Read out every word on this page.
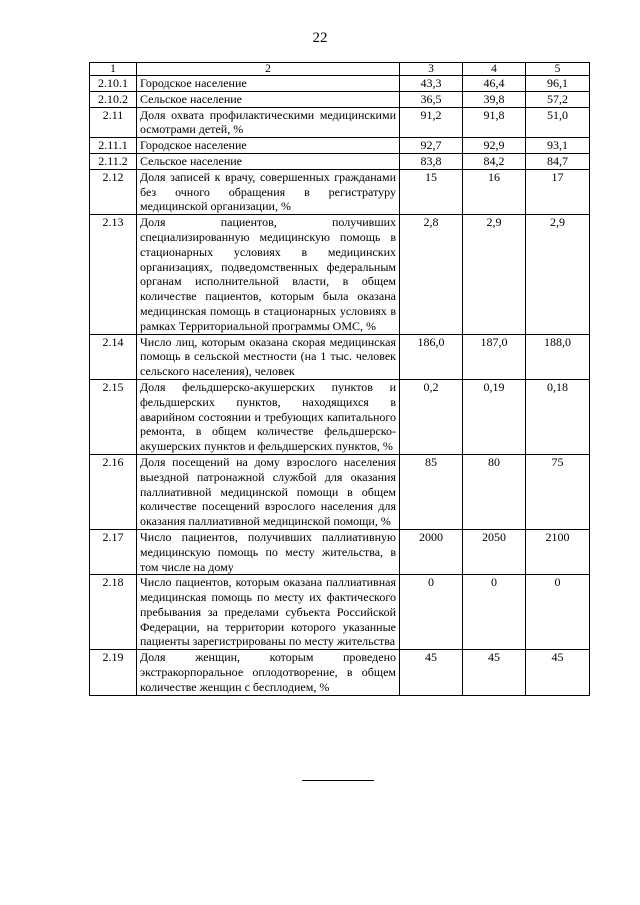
22
1	2	3	4	5
2.10.1	Городское население	43,3	46,4	96,1
2.10.2	Сельское население	36,5	39,8	57,2
2.11	Доля охвата профилактическими медицинскими осмотрами детей, %	91,2	91,8	51,0
2.11.1	Городское население	92,7	92,9	93,1
2.11.2	Сельское население	83,8	84,2	84,7
2.12	Доля записей к врачу, совершенных гражданами без очного обращения в регистратуру медицинской организации, %	15	16	17
2.13	Доля пациентов, получивших специализированную медицинскую помощь в стационарных условиях в медицинских организациях, подведомственных федеральным органам исполнительной власти, в общем количестве пациентов, которым была оказана медицинская помощь в стационарных условиях в рамках Территориальной программы ОМС, %	2,8	2,9	2,9
2.14	Число лиц, которым оказана скорая медицинская помощь в сельской местности (на 1 тыс. человек сельского населения), человек	186,0	187,0	188,0
2.15	Доля фельдшерско-акушерских пунктов и фельдшерских пунктов, находящихся в аварийном состоянии и требующих капитального ремонта, в общем количестве фельдшерско-акушерских пунктов и фельдшерских пунктов, %	0,2	0,19	0,18
2.16	Доля посещений на дому взрослого населения выездной патронажной службой для оказания паллиативной медицинской помощи в общем количестве посещений взрослого населения для оказания паллиативной медицинской помощи, %	85	80	75
2.17	Число пациентов, получивших паллиативную медицинскую помощь по месту жительства, в том числе на дому	2000	2050	2100
2.18	Число пациентов, которым оказана паллиативная медицинская помощь по месту их фактического пребывания за пределами субъекта Российской Федерации, на территории которого указанные пациенты зарегистрированы по месту жительства	0	0	0
2.19	Доля женщин, которым проведено экстракорпоральное оплодотворение, в общем количестве женщин с бесплодием, %	45	45	45
